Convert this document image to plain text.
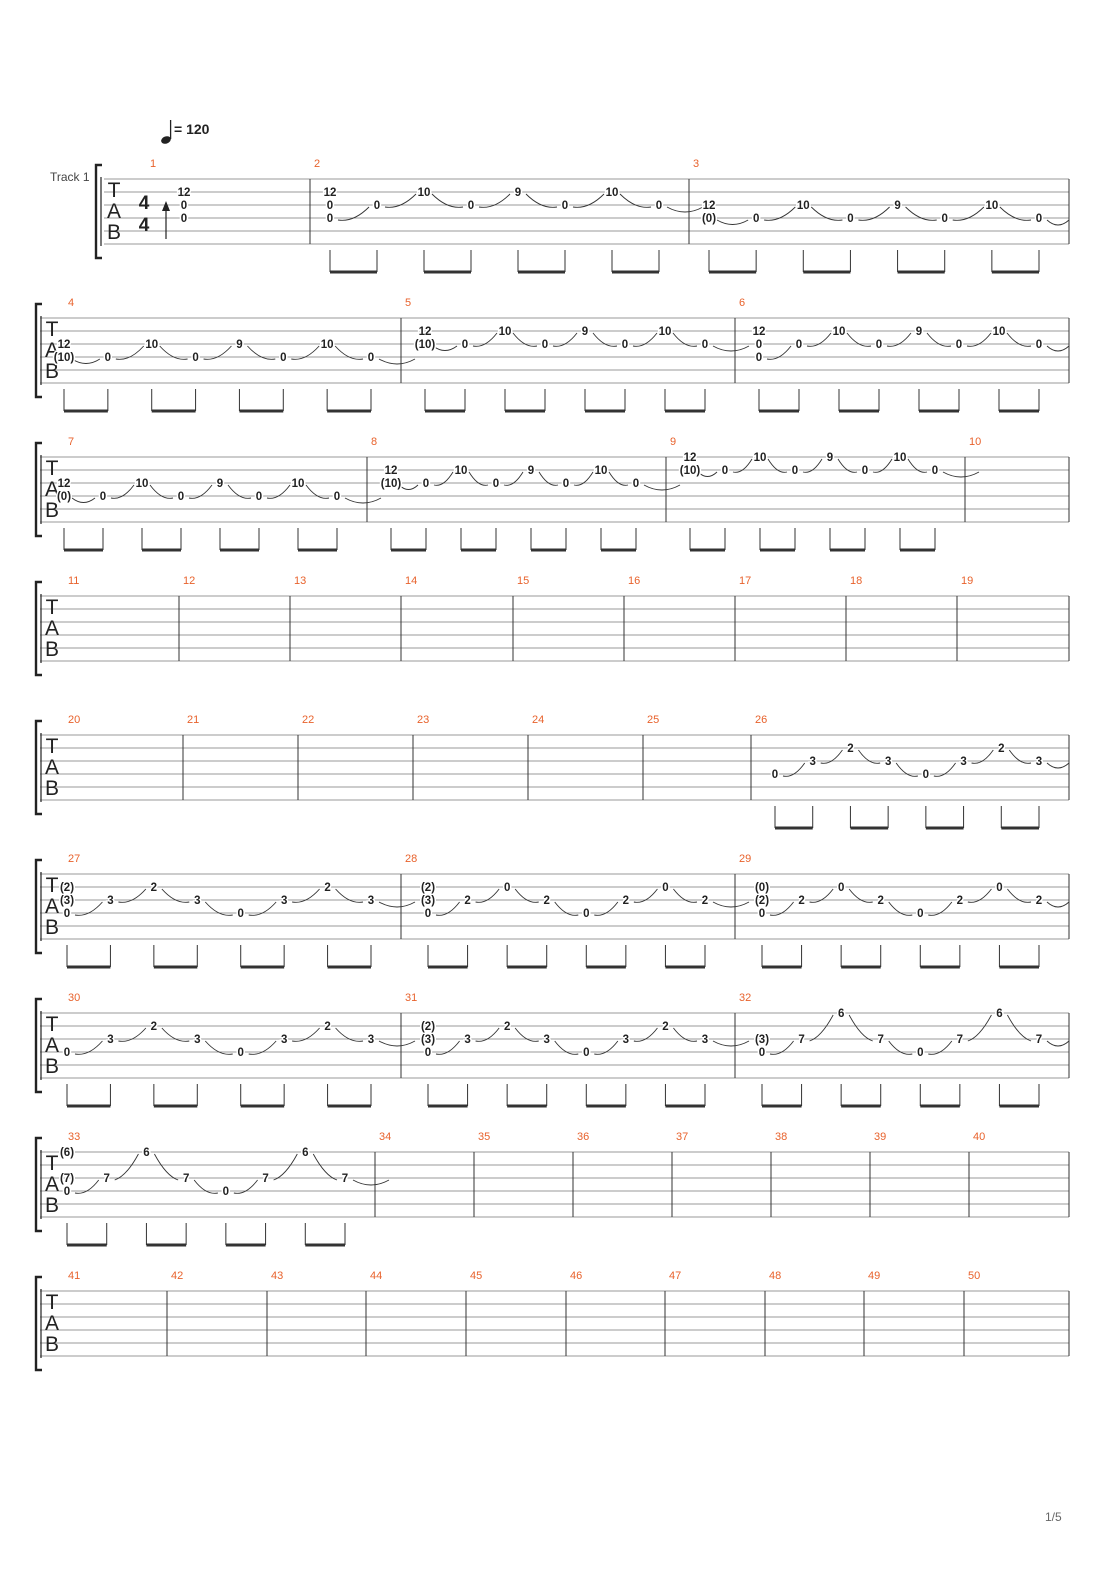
= 120
Track 1
T
A
B
4
4
1
12
0
0
2
12
0
0
0
10
0
9
0
10
0
3
12
(0)	0
10
0
9
0
10
0
T
A
B
4
12
(10)	0
10
0
9
0
10
0
5
12
(10) 0
10
0
9
0
10
0
6
12
0
0
0
10
0
9
0
10
0
T
A
B
7
12
(0)	0
10
0
9
0
10
0
8
12
(10) 0
10
0
9
0
10
0
9
12
(10) 0
10
0
9
0
10
0
10
T
A
B
11	12	13	14	15	16	17	18	19
T
A
B
20	21	22	23	24	25	26
0
3
2
3
0
3
2
3
T
A
B
27
(2)
(3)
0
3
2
3
0
3
2
3
28
(2)
(3)
0
2
0
2
0
2
0
2
29
(0)
(2)
0
2
0
2
0
2
0
2
T
A
B
30
0
3
2
3
0
3
2
3
31
(2)
(3)
0
3
2
3
0
3
2
3
32
(3)
0
7
6
7
0
7
6
7
T
A
B
33
(6)
(7)
0
7
6
7
0
7
6
7
34	35	36	37	38	39	40
T
A
B
41	42	43	44	45	46	47	48	49	50
1/5
